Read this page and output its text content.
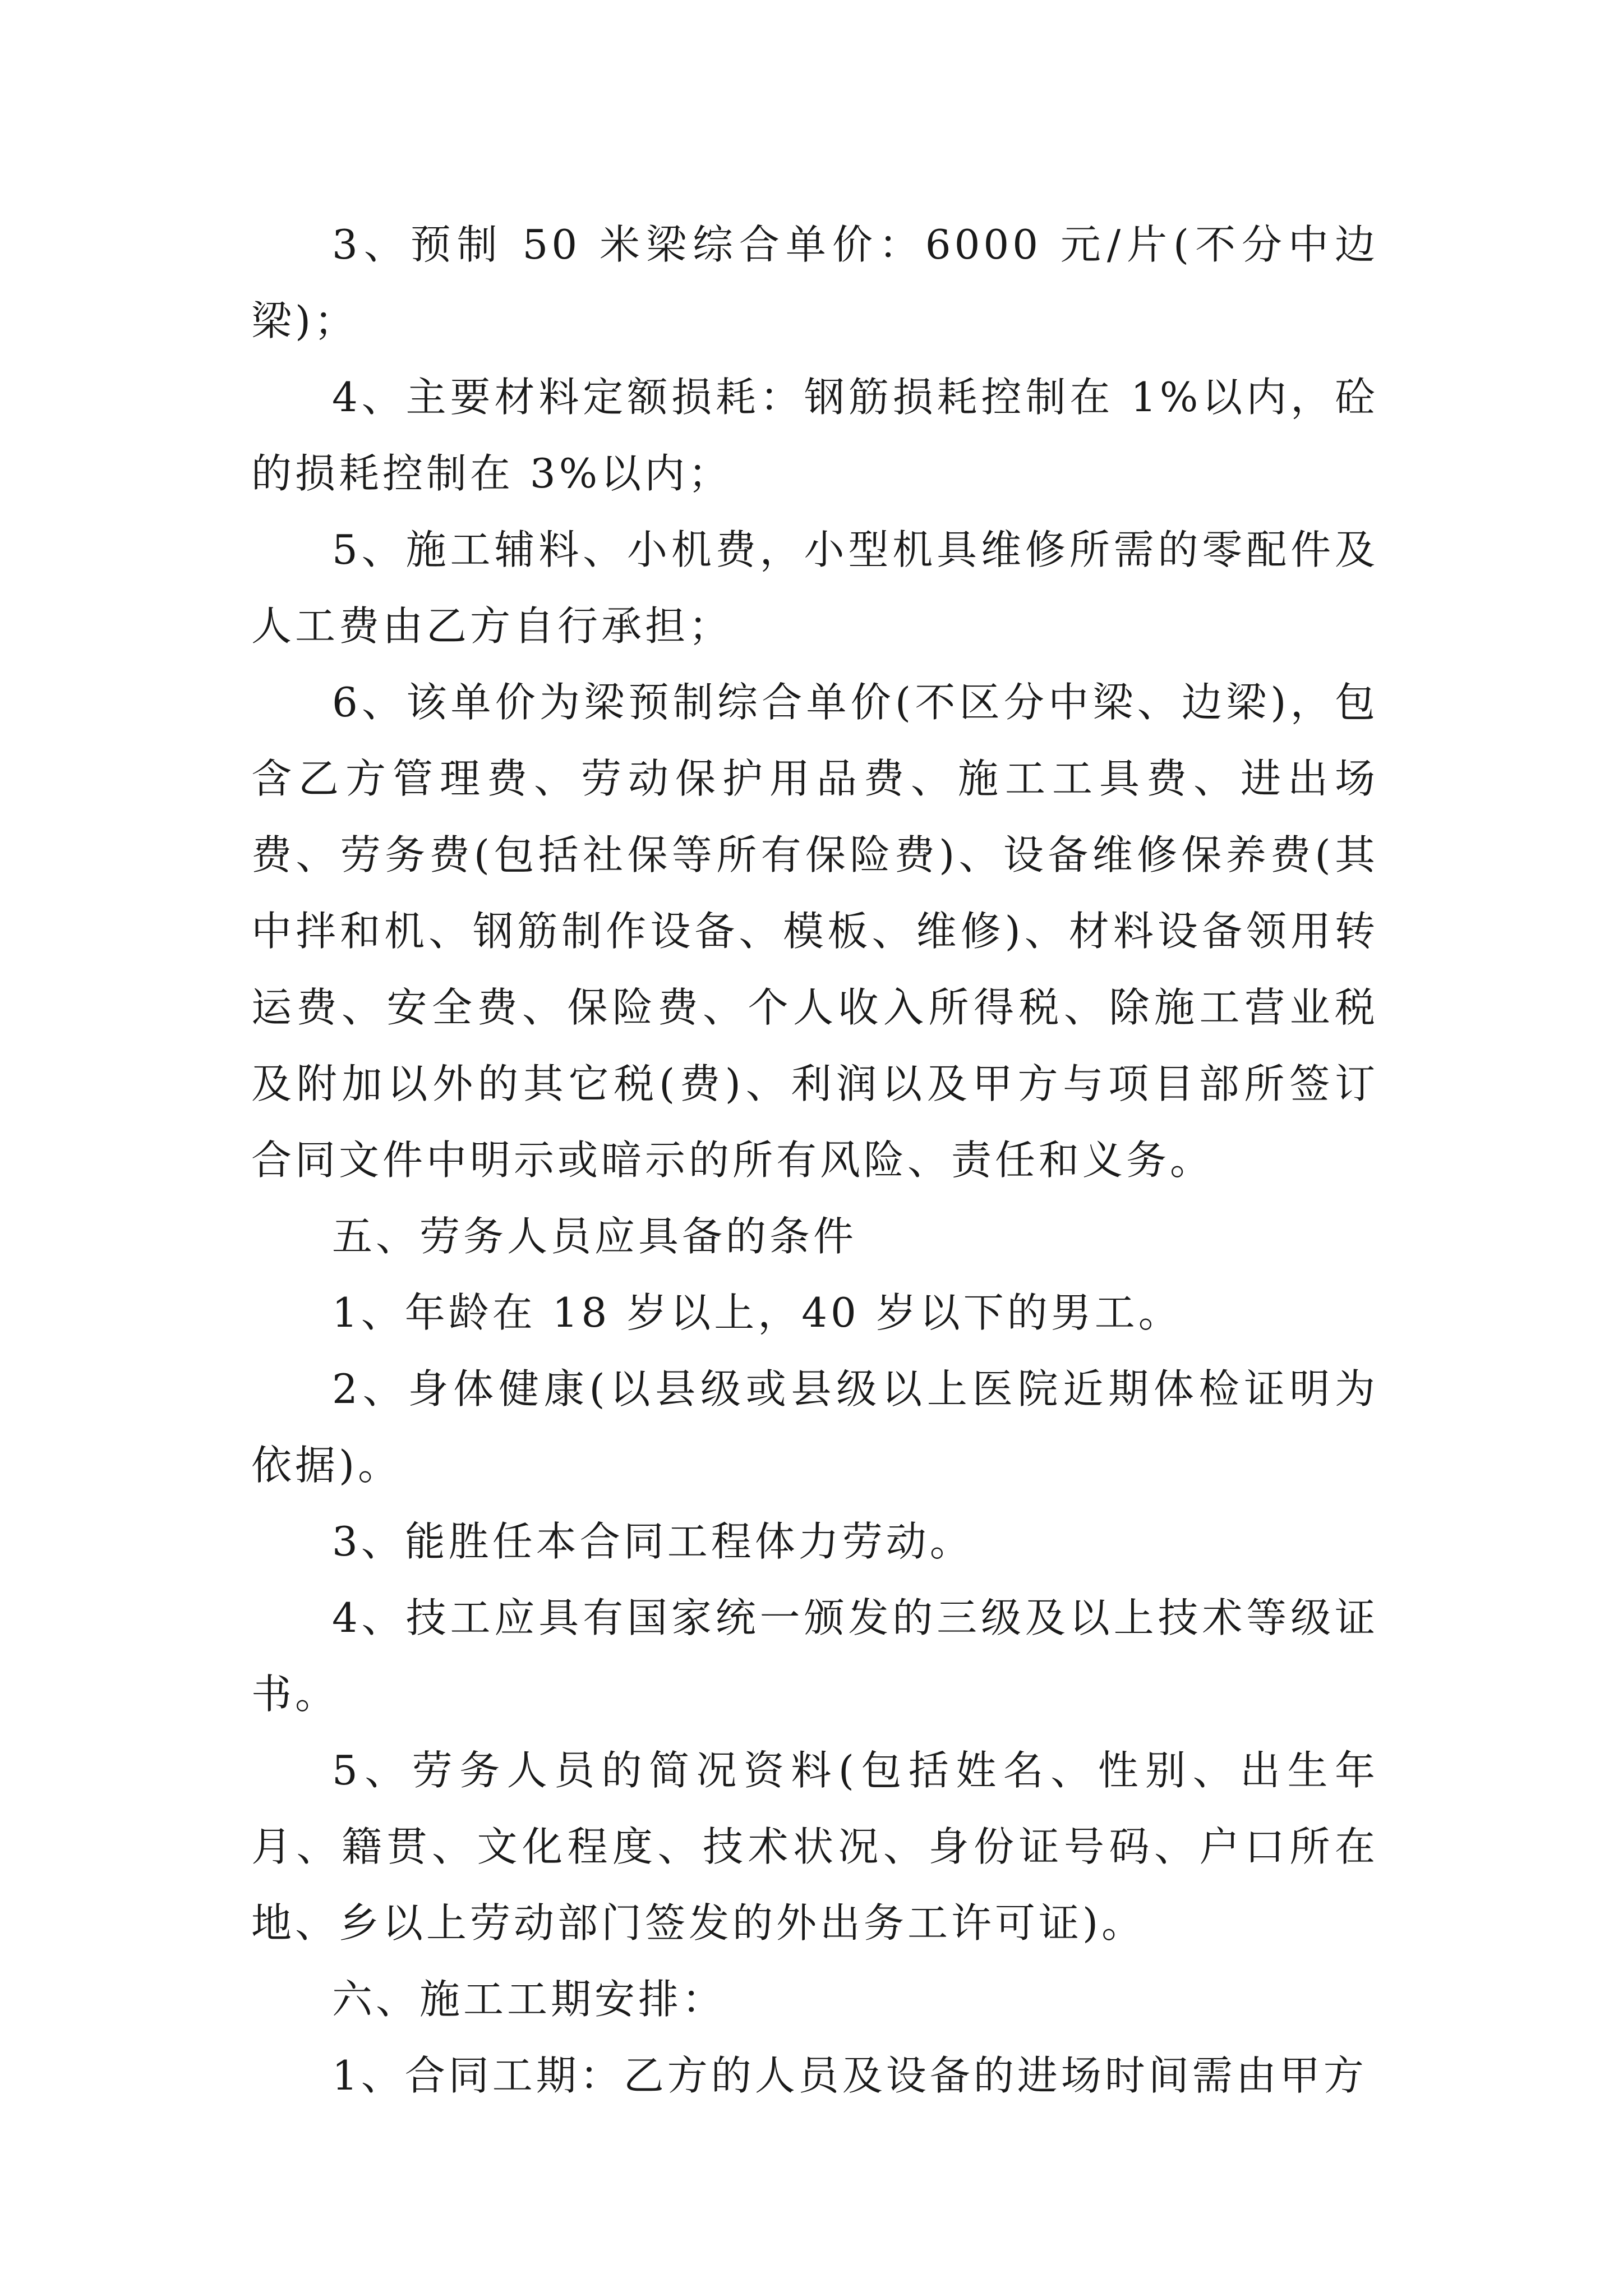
3、预制 50 米梁综合单价：6000 元/片(不分中边梁)；

4、主要材料定额损耗：钢筋损耗控制在 1%以内，砼的损耗控制在 3%以内；

5、施工辅料、小机费，小型机具维修所需的零配件及人工费由乙方自行承担；

6、该单价为梁预制综合单价(不区分中梁、边梁)，包含乙方管理费、劳动保护用品费、施工工具费、进出场费、劳务费(包括社保等所有保险费)、设备维修保养费(其中拌和机、钢筋制作设备、模板、维修)、材料设备领用转运费、安全费、保险费、个人收入所得税、除施工营业税及附加以外的其它税(费)、利润以及甲方与项目部所签订合同文件中明示或暗示的所有风险、责任和义务。

五、劳务人员应具备的条件

1、年龄在 18 岁以上，40 岁以下的男工。

2、身体健康(以县级或县级以上医院近期体检证明为依据)。

3、能胜任本合同工程体力劳动。

4、技工应具有国家统一颁发的三级及以上技术等级证书。

5、劳务人员的简况资料(包括姓名、性别、出生年月、籍贯、文化程度、技术状况、身份证号码、户口所在地、乡以上劳动部门签发的外出务工许可证)。

六、施工工期安排：

1、合同工期：乙方的人员及设备的进场时间需由甲方
